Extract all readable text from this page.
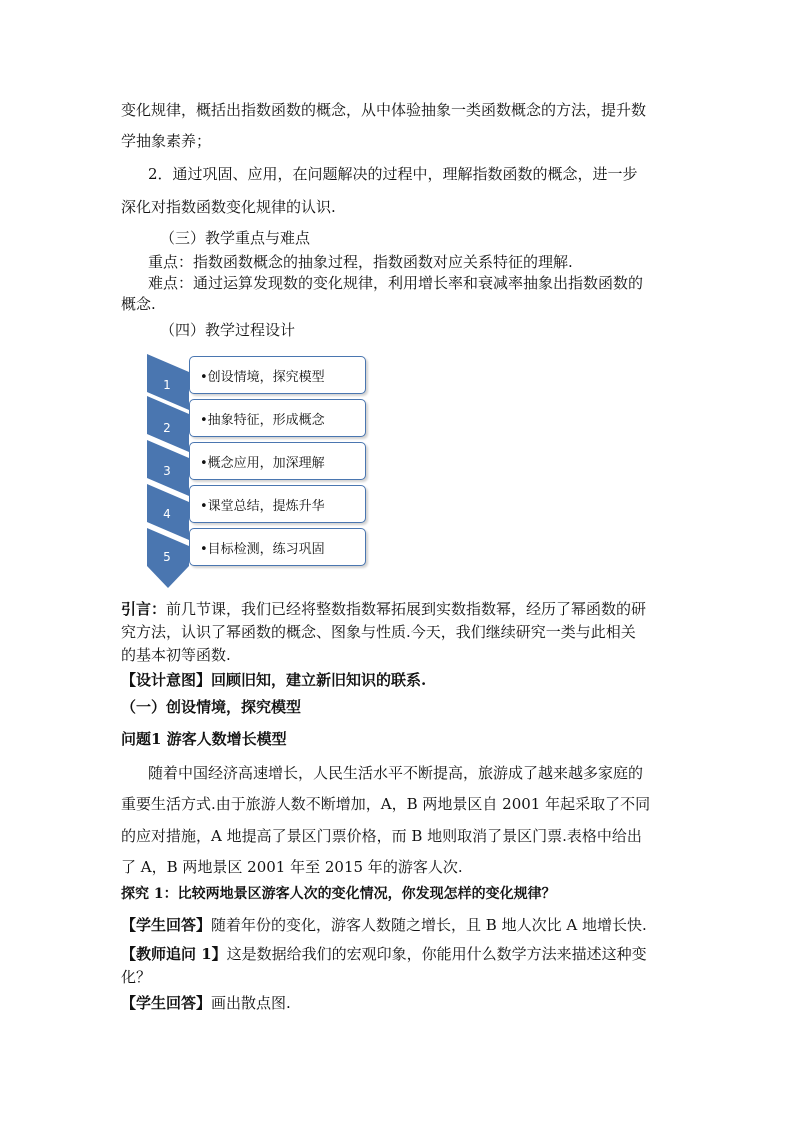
变化规律，概括出指数函数的概念，从中体验抽象一类函数概念的方法，提升数
学抽象素养；
2．通过巩固、应用，在问题解决的过程中，理解指数函数的概念，进一步
深化对指数函数变化规律的认识.
（三）教学重点与难点
重点：指数函数概念的抽象过程，指数函数对应关系特征的理解.
难点：通过运算发现数的变化规律，利用增长率和衰减率抽象出指数函数的
概念.
（四）教学过程设计
1
2
3
4
5
•创设情境，探究模型
•抽象特征，形成概念
•概念应用，加深理解
•课堂总结，提炼升华
•目标检测，练习巩固
引言：前几节课，我们已经将整数指数幂拓展到实数指数幂，经历了幂函数的研
究方法，认识了幂函数的概念、图象与性质.今天，我们继续研究一类与此相关
的基本初等函数.
【设计意图】回顾旧知，建立新旧知识的联系.
（一）创设情境，探究模型
问题1 游客人数增长模型
随着中国经济高速增长，人民生活水平不断提高，旅游成了越来越多家庭的
重要生活方式.由于旅游人数不断增加，A，B 两地景区自 2001 年起采取了不同
的应对措施，A 地提高了景区门票价格，而 B 地则取消了景区门票.表格中给出
了 A，B 两地景区 2001 年至 2015 年的游客人次.
探究 1：比较两地景区游客人次的变化情况，你发现怎样的变化规律？
【学生回答】随着年份的变化，游客人数随之增长，且 B 地人次比 A 地增长快.
【教师追问 1】这是数据给我们的宏观印象，你能用什么数学方法来描述这种变
化？
【学生回答】画出散点图.
